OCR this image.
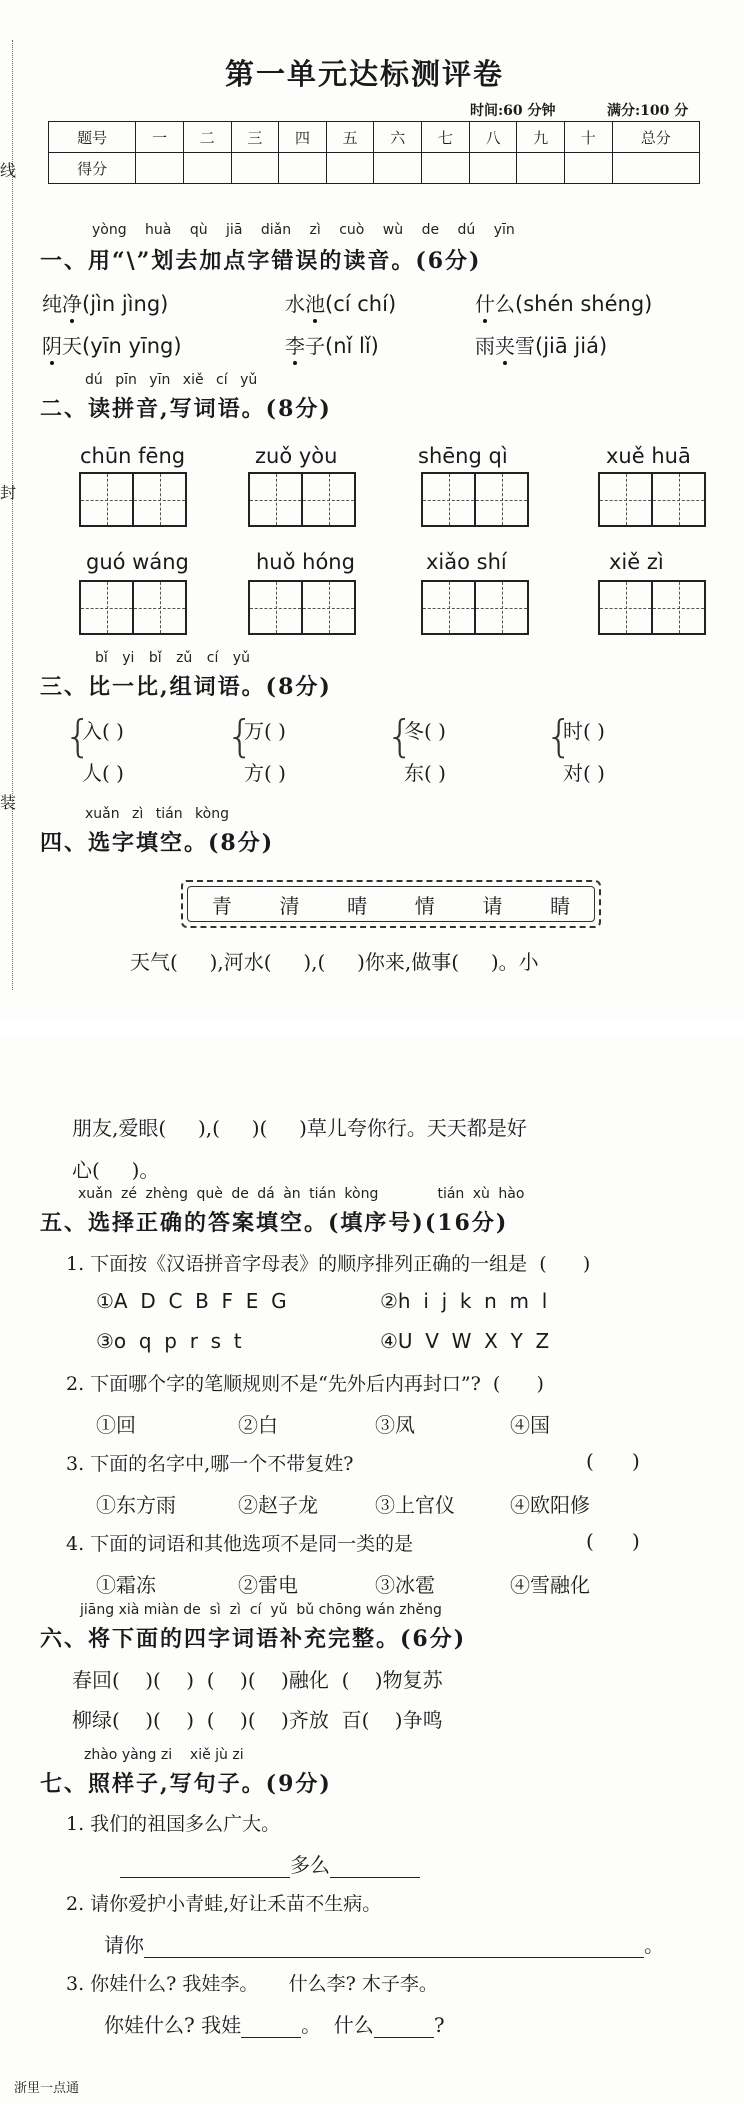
线
封
装
第一单元达标测评卷
时间:60 分钟	满分:100 分
题号	一	二	三	四	五	六	七	八	九	十	总分
得分											
yòng huà qù jiā diǎn zì cuò wù de dú yīn
一、用“\”划去加点字错误的读音。(6分)
纯净(jìn jìng)	水池(cí chí)	什么(shén shéng)
阴天(yīn yīng)	李子(nǐ lǐ)	雨夹雪(jiā jiá)
dú pīn yīn xiě cí yǔ
二、读拼音,写词语。(8分)
chūn fēng	zuǒ yòu	shēng qì	xuě huā
guó wáng	huǒ hóng	xiǎo shí	xiě zì
bǐ yi bǐ zǔ cí yǔ
三、比一比,组词语。(8分)
{
入( )
人( )
{
万( )
方( )
{
冬( )
东( )
{
时( )
对( )
xuǎn zì tián kòng
四、选字填空。(8分)
青 清 晴 情 请 睛
天气(     ),河水(     ),(     )你来,做事(     )。小
朋友,爱眼(     ),(     )(     )草儿夸你行。天天都是好
心(     )。
xuǎn zé zhèng què de dá àn tián kòng       tián xù hào
五、选择正确的答案填空。(填序号)(16分)
1. 下面按《汉语拼音字母表》的顺序排列正确的一组是  (      )
①A  D  C  B  F  E  G	②h  i  j  k  n  m  l
③o  q  p  r  s  t	④U  V  W  X  Y  Z
2. 下面哪个字的笔顺规则不是“先外后内再封口”?  (      )
①回	②白	③凤	④国
3. 下面的名字中,哪一个不带复姓?	(      )
①东方雨	②赵子龙	③上官仪	④欧阳修
4. 下面的词语和其他选项不是同一类的是	(      )
①霜冻	②雷电	③冰雹	④雪融化
jiāng xià miàn de  sì  zì  cí  yǔ  bǔ chōng wán zhěng
六、将下面的四字词语补充完整。(6分)
春回(    )(    )  (    )(    )融化  (    )物复苏
柳绿(    )(    )  (    )(    )齐放  百(    )争鸣
zhào yàng zi    xiě jù zi
七、照样子,写句子。(9分)
1. 我们的祖国多么广大。
多么
2. 请你爱护小青蛙,好让禾苗不生病。
请你	。
3. 你娃什么? 我娃李。     什么李? 木子李。
你娃什么? 我娃	。  什么	?
浙里一点通
